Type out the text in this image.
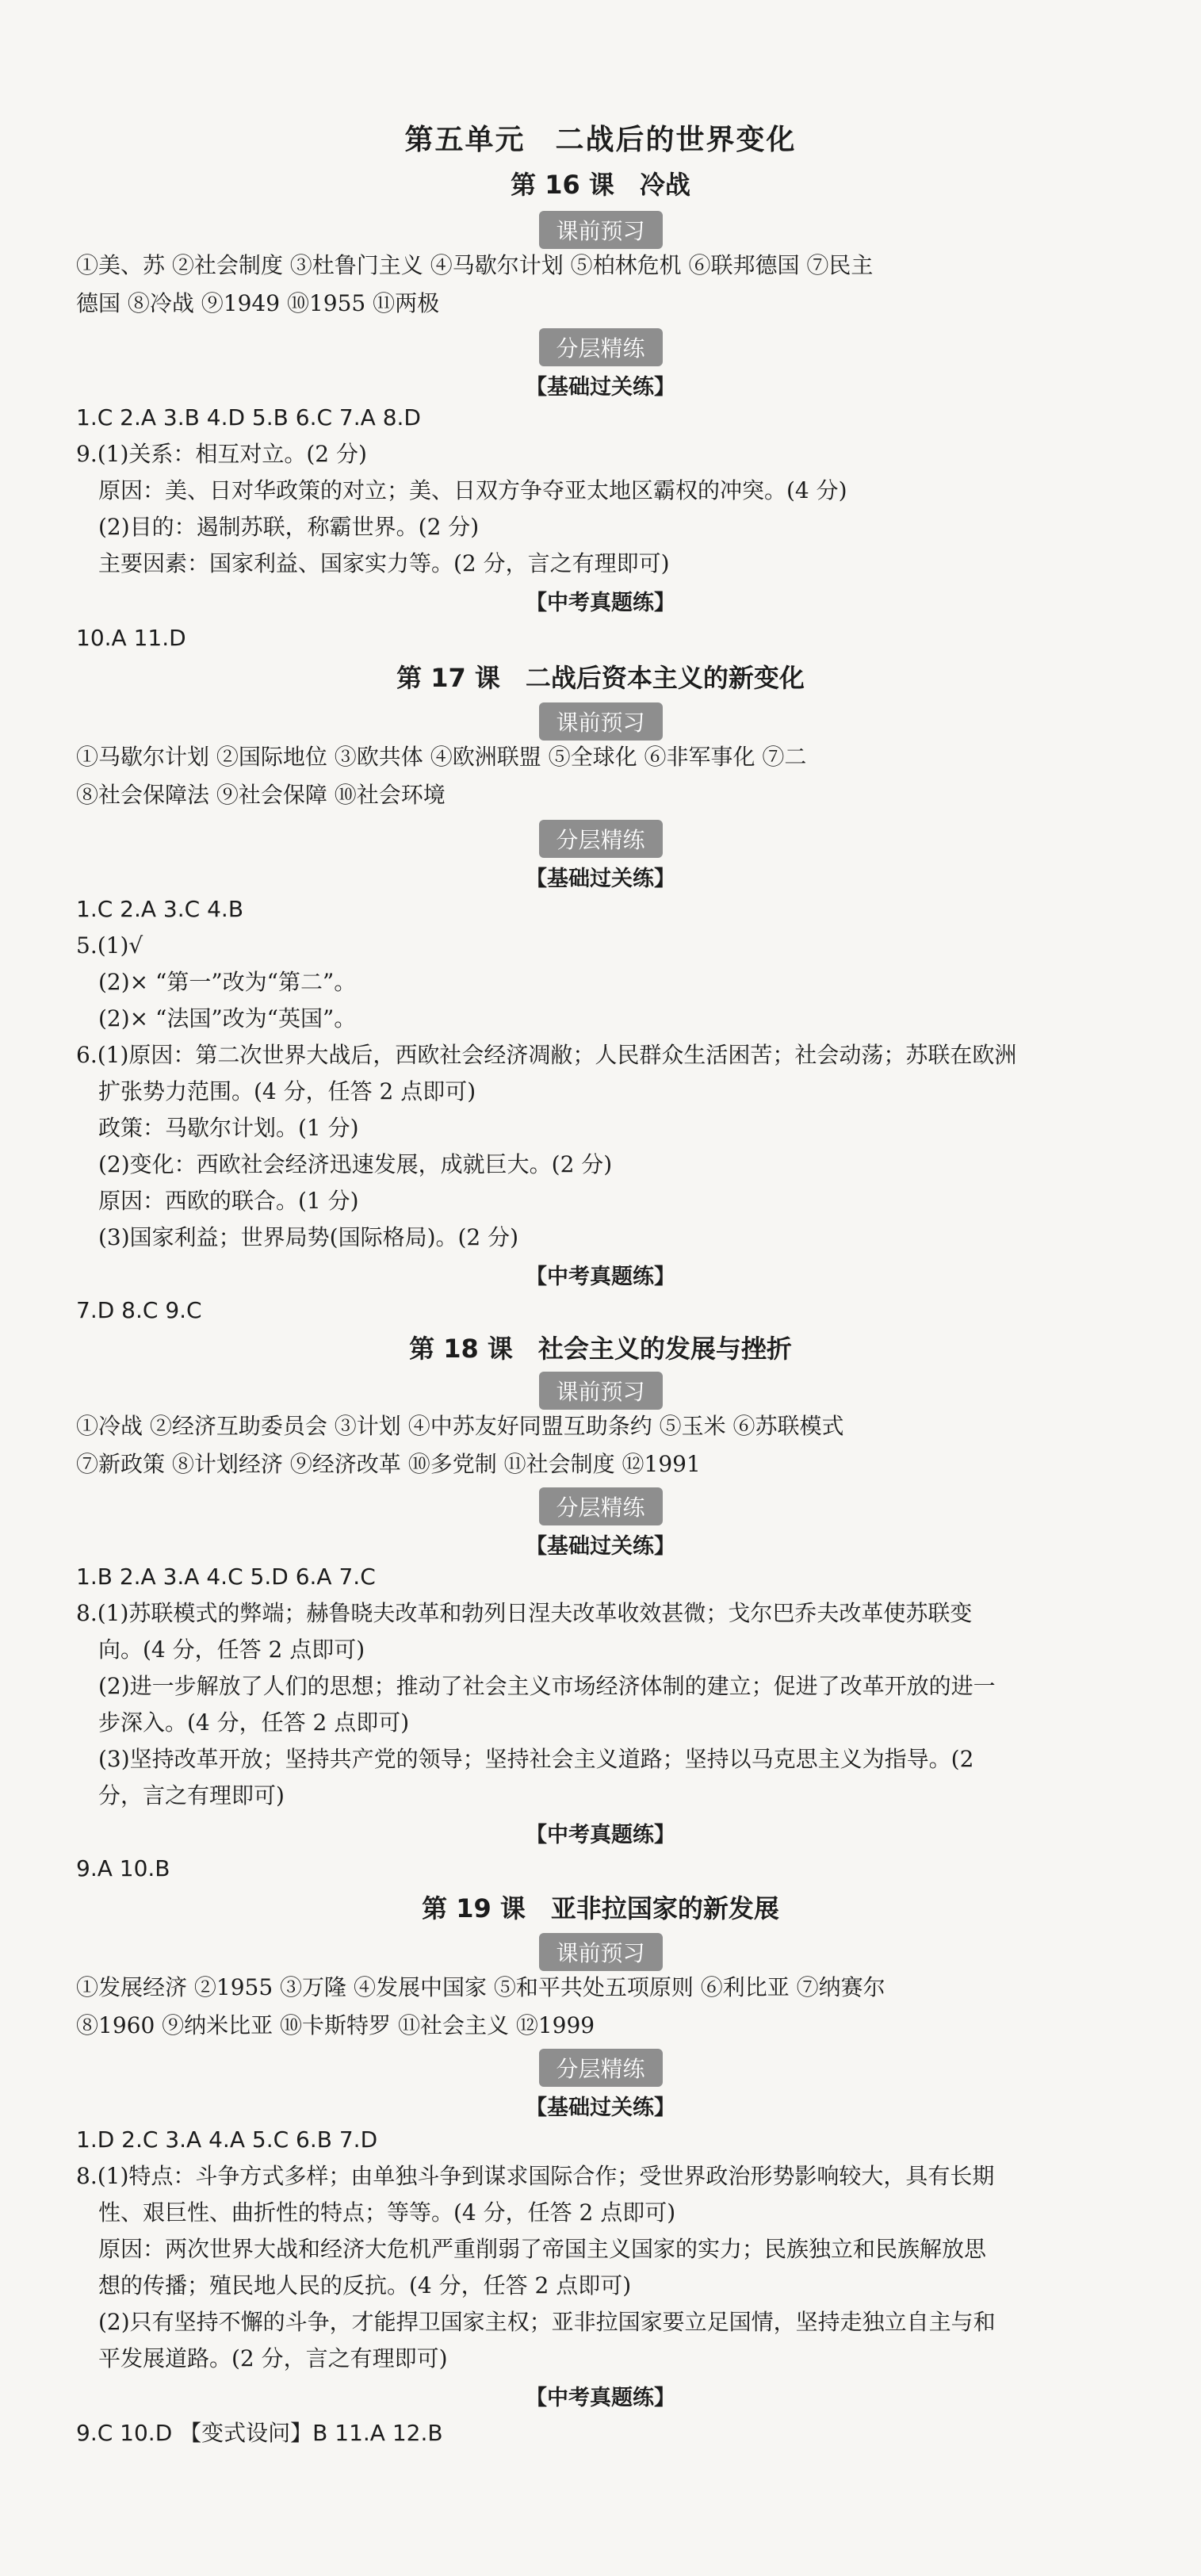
第五单元　二战后的世界变化
第 16 课　冷战
课前预习
①美、苏 ②社会制度 ③杜鲁门主义 ④马歇尔计划 ⑤柏林危机 ⑥联邦德国 ⑦民主
德国 ⑧冷战 ⑨1949 ⑩1955 ⑪两极
分层精练
【基础过关练】
1.C 2.A 3.B 4.D 5.B 6.C 7.A 8.D
9.(1)关系：相互对立。(2 分)
原因：美、日对华政策的对立；美、日双方争夺亚太地区霸权的冲突。(4 分)
(2)目的：遏制苏联，称霸世界。(2 分)
主要因素：国家利益、国家实力等。(2 分，言之有理即可)
【中考真题练】
10.A 11.D
第 17 课　二战后资本主义的新变化
课前预习
①马歇尔计划 ②国际地位 ③欧共体 ④欧洲联盟 ⑤全球化 ⑥非军事化 ⑦二
⑧社会保障法 ⑨社会保障 ⑩社会环境
分层精练
【基础过关练】
1.C 2.A 3.C 4.B
5.(1)√
(2)× “第一”改为“第二”。
(2)× “法国”改为“英国”。
6.(1)原因：第二次世界大战后，西欧社会经济凋敝；人民群众生活困苦；社会动荡；苏联在欧洲
扩张势力范围。(4 分，任答 2 点即可)
政策：马歇尔计划。(1 分)
(2)变化：西欧社会经济迅速发展，成就巨大。(2 分)
原因：西欧的联合。(1 分)
(3)国家利益；世界局势(国际格局)。(2 分)
【中考真题练】
7.D 8.C 9.C
第 18 课　社会主义的发展与挫折
课前预习
①冷战 ②经济互助委员会 ③计划 ④中苏友好同盟互助条约 ⑤玉米 ⑥苏联模式
⑦新政策 ⑧计划经济 ⑨经济改革 ⑩多党制 ⑪社会制度 ⑫1991
分层精练
【基础过关练】
1.B 2.A 3.A 4.C 5.D 6.A 7.C
8.(1)苏联模式的弊端；赫鲁晓夫改革和勃列日涅夫改革收效甚微；戈尔巴乔夫改革使苏联变
向。(4 分，任答 2 点即可)
(2)进一步解放了人们的思想；推动了社会主义市场经济体制的建立；促进了改革开放的进一
步深入。(4 分，任答 2 点即可)
(3)坚持改革开放；坚持共产党的领导；坚持社会主义道路；坚持以马克思主义为指导。(2
分，言之有理即可)
【中考真题练】
9.A 10.B
第 19 课　亚非拉国家的新发展
课前预习
①发展经济 ②1955 ③万隆 ④发展中国家 ⑤和平共处五项原则 ⑥利比亚 ⑦纳赛尔
⑧1960 ⑨纳米比亚 ⑩卡斯特罗 ⑪社会主义 ⑫1999
分层精练
【基础过关练】
1.D 2.C 3.A 4.A 5.C 6.B 7.D
8.(1)特点：斗争方式多样；由单独斗争到谋求国际合作；受世界政治形势影响较大，具有长期
性、艰巨性、曲折性的特点；等等。(4 分，任答 2 点即可)
原因：两次世界大战和经济大危机严重削弱了帝国主义国家的实力；民族独立和民族解放思
想的传播；殖民地人民的反抗。(4 分，任答 2 点即可)
(2)只有坚持不懈的斗争，才能捍卫国家主权；亚非拉国家要立足国情，坚持走独立自主与和
平发展道路。(2 分，言之有理即可)
【中考真题练】
9.C 10.D 【变式设问】B 11.A 12.B
